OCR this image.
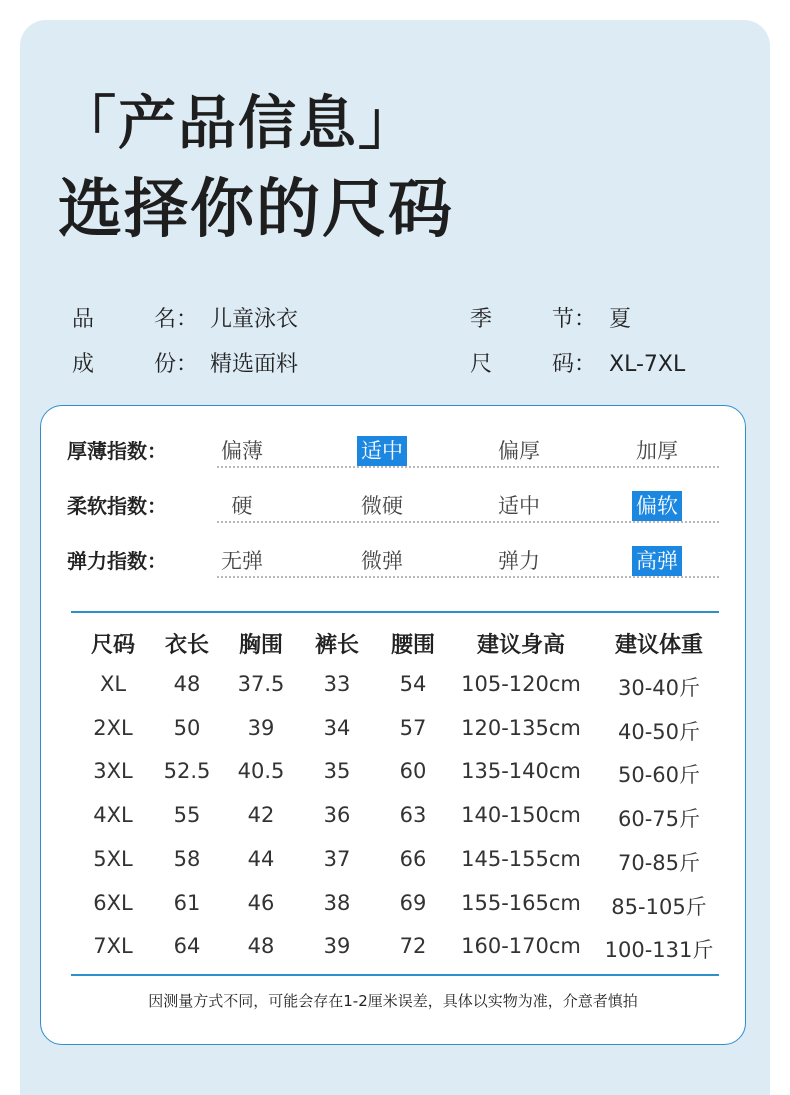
「产品信息」
选择你的尺码
品	名： 儿童泳衣	季	节： 夏
成	份： 精选面料	尺	码： XL-7XL
厚薄指数：	偏薄	适中	偏厚	加厚
柔软指数：	硬	微硬	适中	偏软
弹力指数：	无弹	微弹	弹力	高弹
尺码 衣长 胸围 裤长 腰围 建议身高 建议体重
XL 48 37.5 33 54 105-120cm 30-40斤
2XL 50 39 34 57 120-135cm 40-50斤
3XL 52.5 40.5 35 60 135-140cm 50-60斤
4XL 55 42 36 63 140-150cm 60-75斤
5XL 58 44 37 66 145-155cm 70-85斤
6XL 61 46 38 69 155-165cm 85-105斤
7XL 64 48 39 72 160-170cm 100-131斤
因测量方式不同，可能会存在1-2厘米误差，具体以实物为准，介意者慎拍
